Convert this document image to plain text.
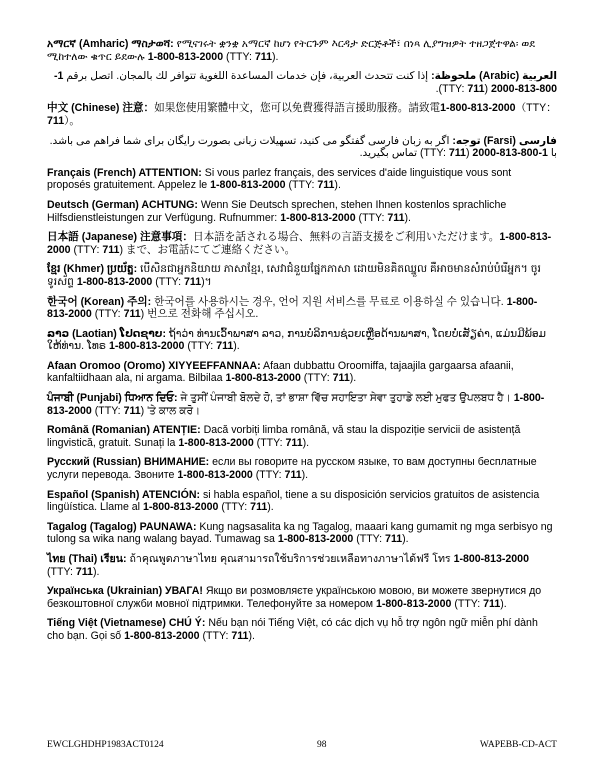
አማርኛ (Amharic) ማስታወሻ: የሚናገሩት ቋንቋ አማርኛ ከሆነ የትርጉም እርዳታ ድርጅቶች፣ በነጻ ሊያግዝዎት ተዘጋጀተዋል፡ ወደ ሚከተለው ቁጥር ይደውሉ 1-800-813-2000 (TTY: 711).

العربية (Arabic) ملحوظة: إذا كنت تتحدث العربية، فإن خدمات المساعدة اللغوية تتوافر لك بالمجان. اتصل برقم 1-800-813-2000 (TTY: 711).

中文 (Chinese) 注意：如果您使用繁體中文，您可以免費獲得語言援助服務。請致電1-800-813-2000（TTY：711）。

فارسی (Farsi) توجه: اگر به زبان فارسی گفتگو می کنید، تسهیلات زبانی بصورت رایگان برای شما فراهم می باشد. با 1-800-813-2000 (TTY: 711) تماس بگیرید.

Français (French) ATTENTION: Si vous parlez français, des services d'aide linguistique vous sont proposés gratuitement. Appelez le 1-800-813-2000 (TTY: 711).

Deutsch (German) ACHTUNG: Wenn Sie Deutsch sprechen, stehen Ihnen kostenlos sprachliche Hilfsdienstleistungen zur Verfügung. Rufnummer: 1-800-813-2000 (TTY: 711).

日本語 (Japanese) 注意事項：日本語を話される場合、無料の言語支援をご利用いただけます。1-800-813-2000 (TTY: 711) まで、お電話にてご連絡ください。

ខ្មែរ (Khmer) ប្រយ័ត្ន: បើសិនជាអ្នកនិយាយ ភាសាខ្មែរ, សេវាជំនួយផ្នែកភាសា ដោយមិនគិតឈ្នួល គឺអាចមានសំរាប់បំរើអ្នក។ ចូរ ទូរស័ព្ទ 1-800-813-2000 (TTY: 711)។

한국어 (Korean) 주의: 한국어를 사용하시는 경우, 언어 지원 서비스를 무료로 이용하실 수 있습니다. 1-800-813-2000 (TTY: 711) 번으로 전화해 주십시오.

ລາວ (Laotian) ໂປດຊາບ: ຖ້າວ່າ ທ່ານເວົ້າພາສາ ລາວ, ການບໍລິການຊ່ວຍເຫຼືອດ້ານພາສາ, ໂດຍບໍ່ເສັຽຄ່າ, ແມ່ນມີພ້ອມໃຫ້ທ່ານ. ໂທຣ 1-800-813-2000 (TTY: 711).

Afaan Oromoo (Oromo) XIYYEEFFANNAA: Afaan dubbattu Oroomiffa, tajaajila gargaarsa afaanii, kanfaltiidhaan ala, ni argama. Bilbilaa 1-800-813-2000 (TTY: 711).

ਪੰਜਾਬੀ (Punjabi) ਧਿਆਨ ਦਿਓ: ਜੇ ਤੁਸੀਂ ਪੰਜਾਬੀ ਬੋਲਦੇ ਹੋ, ਤਾਂ ਭਾਸ਼ਾ ਵਿੱਚ ਸਹਾਇਤਾ ਸੇਵਾ ਤੁਹਾਡੇ ਲਈ ਮੁਫਤ ਉਪਲਬਧ ਹੈ। 1-800-813-2000 (TTY: 711) 'ਤੇ ਕਾਲ ਕਰੋ।

Română (Romanian) ATENȚIE: Dacă vorbiți limba română, vă stau la dispoziție servicii de asistență lingvistică, gratuit. Sunați la 1-800-813-2000 (TTY: 711).

Русский (Russian) ВНИМАНИЕ: если вы говорите на русском языке, то вам доступны бесплатные услуги перевода. Звоните 1-800-813-2000 (TTY: 711).

Español (Spanish) ATENCIÓN: si habla español, tiene a su disposición servicios gratuitos de asistencia lingüística. Llame al 1-800-813-2000 (TTY: 711).

Tagalog (Tagalog) PAUNAWA: Kung nagsasalita ka ng Tagalog, maaari kang gumamit ng mga serbisyo ng tulong sa wika nang walang bayad. Tumawag sa 1-800-813-2000 (TTY: 711).

ไทย (Thai) เรียน: ถ้าคุณพูดภาษาไทย คุณสามารถใช้บริการช่วยเหลือทางภาษาได้ฟรี โทร 1-800-813-2000 (TTY: 711).

Українська (Ukrainian) УВАГА! Якщо ви розмовляєте українською мовою, ви можете звернутися до безкоштовної служби мовної підтримки. Телефонуйте за номером 1-800-813-2000 (TTY: 711).

Tiếng Việt (Vietnamese) CHÚ Ý: Nếu bạn nói Tiếng Việt, có các dịch vụ hỗ trợ ngôn ngữ miễn phí dành cho bạn. Gọi số 1-800-813-2000 (TTY: 711).

EWCLGHDHP1983ACT0124	98	WAPEBB-CD-ACT
